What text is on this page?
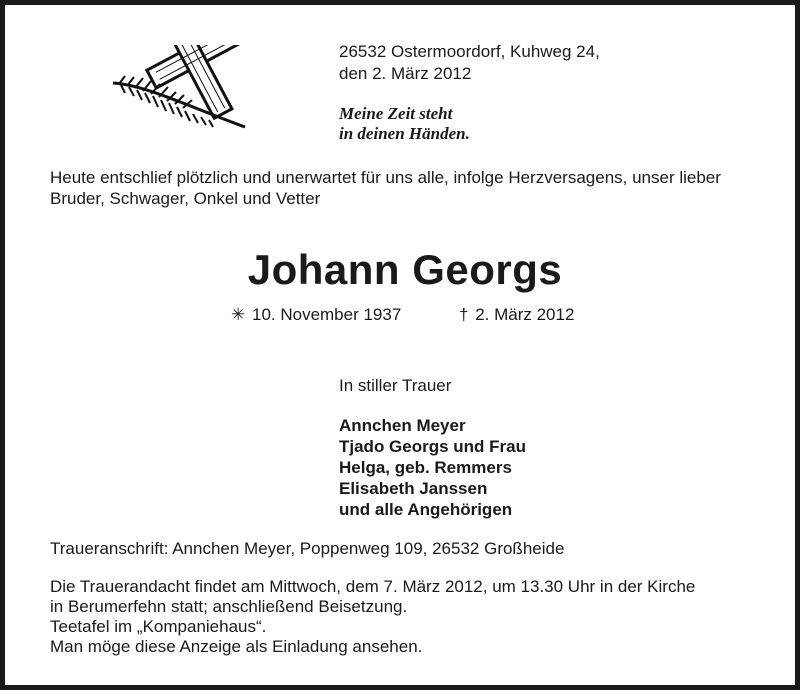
26532 Ostermoordorf, Kuhweg 24,
den 2. März 2012
Meine Zeit steht
in deinen Händen.
Heute entschlief plötzlich und unerwartet für uns alle, infolge Herzversagens, unser lieber Bruder, Schwager, Onkel und Vetter
Johann Georgs
✳ 10. November 1937	† 2. März 2012
In stiller Trauer
Annchen Meyer
Tjado Georgs und Frau
Helga, geb. Remmers
Elisabeth Janssen
und alle Angehörigen
Traueranschrift: Annchen Meyer, Poppenweg 109, 26532 Großheide
Die Trauerandacht findet am Mittwoch, dem 7. März 2012, um 13.30 Uhr in der Kirche
in Berumerfehn statt; anschließend Beisetzung.
Teetafel im „Kompaniehaus“.
Man möge diese Anzeige als Einladung ansehen.
